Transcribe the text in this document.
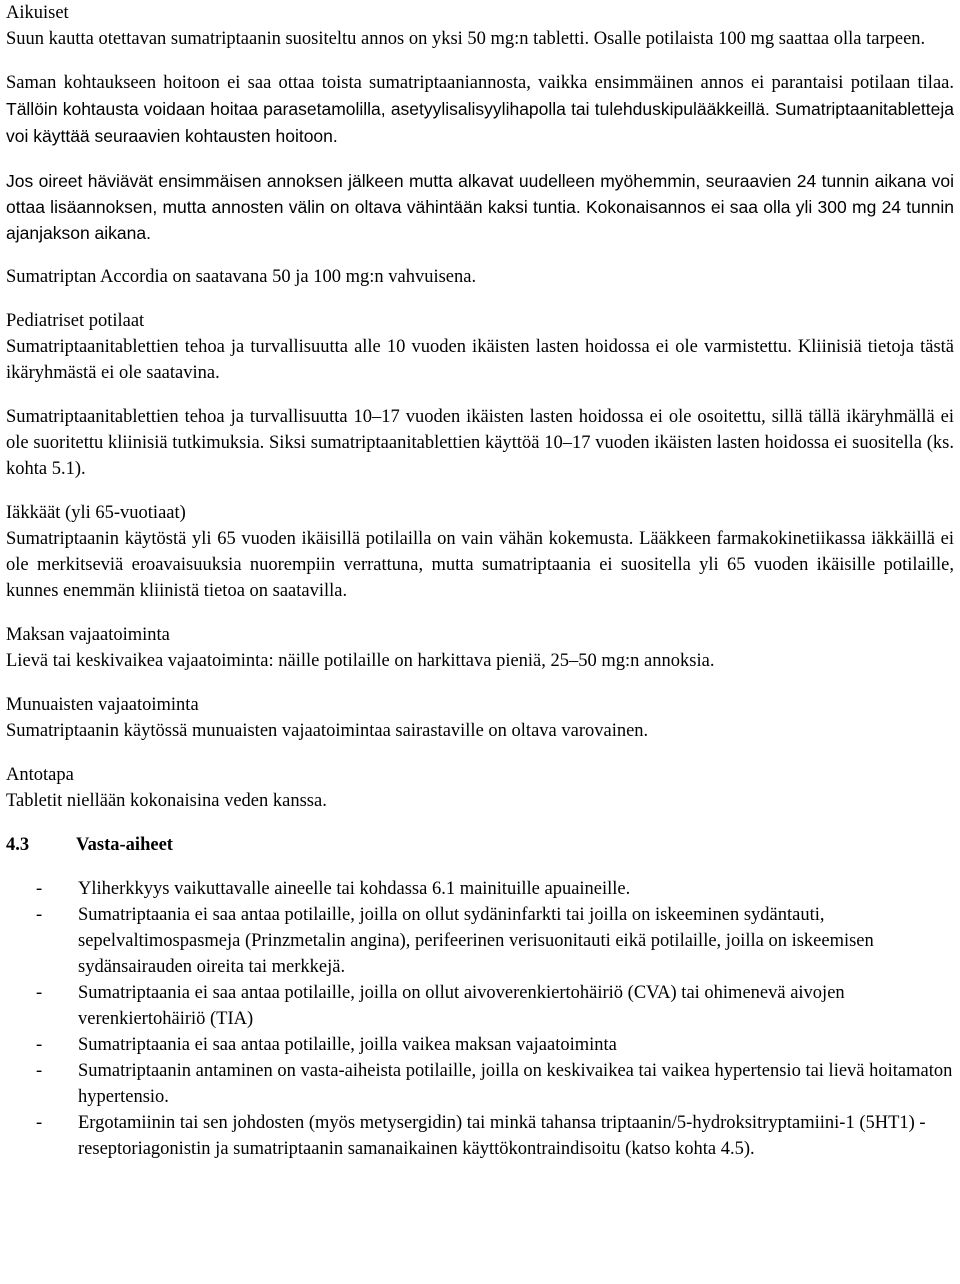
Aikuiset

Suun kautta otettavan sumatriptaanin suositeltu annos on yksi 50 mg:n tabletti. Osalle potilaista 100 mg saattaa olla tarpeen.

Saman kohtaukseen hoitoon ei saa ottaa toista sumatriptaaniannosta, vaikka ensimmäinen annos ei parantaisi potilaan tilaa. Tällöin kohtausta voidaan hoitaa parasetamolilla, asetyylisalisyylihapolla tai tulehduskipulääkkeillä. Sumatriptaanitabletteja voi käyttää seuraavien kohtausten hoitoon.

Jos oireet häviävät ensimmäisen annoksen jälkeen mutta alkavat uudelleen myöhemmin, seuraavien 24 tunnin aikana voi ottaa lisäannoksen, mutta annosten välin on oltava vähintään kaksi tuntia. Kokonaisannos ei saa olla yli 300 mg 24 tunnin ajanjakson aikana.

Sumatriptan Accordia on saatavana 50 ja 100 mg:n vahvuisena.

Pediatriset potilaat

Sumatriptaanitablettien tehoa ja turvallisuutta alle 10 vuoden ikäisten lasten hoidossa ei ole varmistettu. Kliinisiä tietoja tästä ikäryhmästä ei ole saatavina.

Sumatriptaanitablettien tehoa ja turvallisuutta 10–17 vuoden ikäisten lasten hoidossa ei ole osoitettu, sillä tällä ikäryhmällä ei ole suoritettu kliinisiä tutkimuksia. Siksi sumatriptaanitablettien käyttöä 10–17 vuoden ikäisten lasten hoidossa ei suositella (ks. kohta 5.1).

Iäkkäät (yli 65-vuotiaat)

Sumatriptaanin käytöstä yli 65 vuoden ikäisillä potilailla on vain vähän kokemusta. Lääkkeen farmakokinetiikassa iäkkäillä ei ole merkitseviä eroavaisuuksia nuorempiin verrattuna, mutta sumatriptaania ei suositella yli 65 vuoden ikäisille potilaille, kunnes enemmän kliinistä tietoa on saatavilla.

Maksan vajaatoiminta

Lievä tai keskivaikea vajaatoiminta: näille potilaille on harkittava pieniä, 25–50 mg:n annoksia.

Munuaisten vajaatoiminta

Sumatriptaanin käytössä munuaisten vajaatoimintaa sairastaville on oltava varovainen.

Antotapa

Tabletit niellään kokonaisina veden kanssa.

4.3	Vasta-aiheet

-	Yliherkkyys vaikuttavalle aineelle tai kohdassa 6.1 mainituille apuaineille.
-	Sumatriptaania ei saa antaa potilaille, joilla on ollut sydäninfarkti tai joilla on iskeeminen sydäntauti, sepelvaltimospasmeja (Prinzmetalin angina), perifeerinen verisuonitauti eikä potilaille, joilla on iskeemisen sydänsairauden oireita tai merkkejä.
-	Sumatriptaania ei saa antaa potilaille, joilla on ollut aivoverenkiertohäiriö (CVA) tai ohimenevä aivojen verenkiertohäiriö (TIA)
-	Sumatriptaania ei saa antaa potilaille, joilla vaikea maksan vajaatoiminta
-	Sumatriptaanin antaminen on vasta-aiheista potilaille, joilla on keskivaikea tai vaikea hypertensio tai lievä hoitamaton hypertensio.
-	Ergotamiinin tai sen johdosten (myös metysergidin) tai minkä tahansa triptaanin/5-hydroksitryptamiini-1 (5HT1) -reseptoriagonistin ja sumatriptaanin samanaikainen käyttökontraindisoitu (katso kohta 4.5).
